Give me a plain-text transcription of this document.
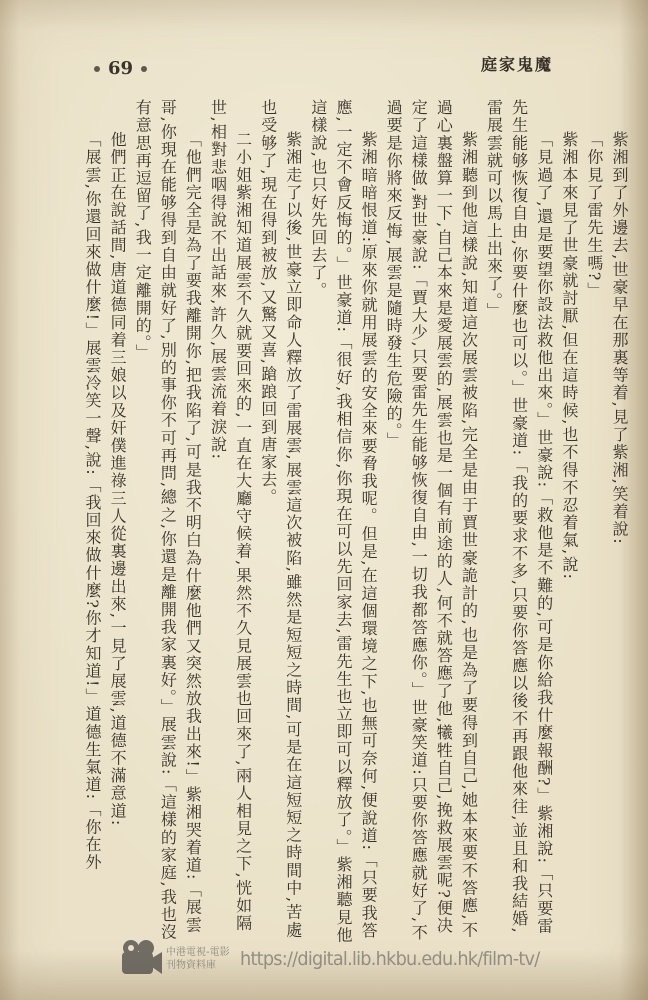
69	魔
鬼
家
庭

紫湘到了外邊去,世豪早在那裏等着,見了紫湘,笑着說:

「你見了雷先生嗎?」

紫湘本來見了世豪就討厭,但在這時候,也不得不忍着氣,說:

「見過了,還是要望你設法救他出來。」世豪說:「救他是不難的,可是你給我什麼報酬?」紫湘說:「只要雷先生能够恢復自由,你要什麼也可以。」世豪道:「我的要求不多,只要你答應以後不再跟他來往,並且和我結婚,雷展雲就可以馬上出來了。」

紫湘聽到他這樣說,知道這次展雲被陷,完全是由于賈世豪詭計的,也是為了要得到自己,她本來要不答應,不過心裏盤算一下,自己本來是愛展雲的,展雲也是一個有前途的人,何不就答應了他,犧牲自己,挽救展雲呢?便决定了這樣做,對世豪說:「賈大少,只要雷先生能够恢復自由,一切我都答應你。」世豪笑道:只要你答應就好了,不過要是你將來反悔,展雲是隨時發生危險的。」

紫湘暗暗恨道:原來你就用展雲的安全來要脅我呢。但是,在這個環境之下,也無可奈何,便說道:「只要我答應,一定不會反悔的。」世豪道:「很好,我相信你,你現在可以先回家去,雷先生也立即可以釋放了。」紫湘聽見他這樣說,也只好先回去了。

紫湘走了以後,世豪立即命人釋放了雷展雲,展雲這次被陷,雖然是短短之時間,可是在這短短之時間中,苦處也受够了,現在得到被放,又驚又喜,蹌踉回到唐家去。

二小姐紫湘知道展雲不久就要回來的,一直在大廳守候着,果然不久見展雲也回來了,兩人相見之下,恍如隔世,相對悲咽得說不出話來,許久,展雲流着淚說:

「他們完全是為了要我離開你,把我陷了,可是我不明白為什麼他們又突然放我出來!」紫湘哭着道:「展雲哥,你現在能够得到自由就好了,別的事你不可再問,總之,你還是離開我家裏好。」展雲說:「這樣的家庭,我也沒有意思再逗留了,我一定離開的。」

他們正在說話間,唐道德同着三娘以及奸僕進祿三人從裏邊出來,一見了展雲,道德不滿意道:

「展雲,你還回來做什麼!」展雲冷笑一聲,說:「我回來做什麼?你才知道!」道德生氣道:「你在外

中港電視-電影
刊物資料庫	https://digital.lib.hkbu.edu.hk/film-tv/
